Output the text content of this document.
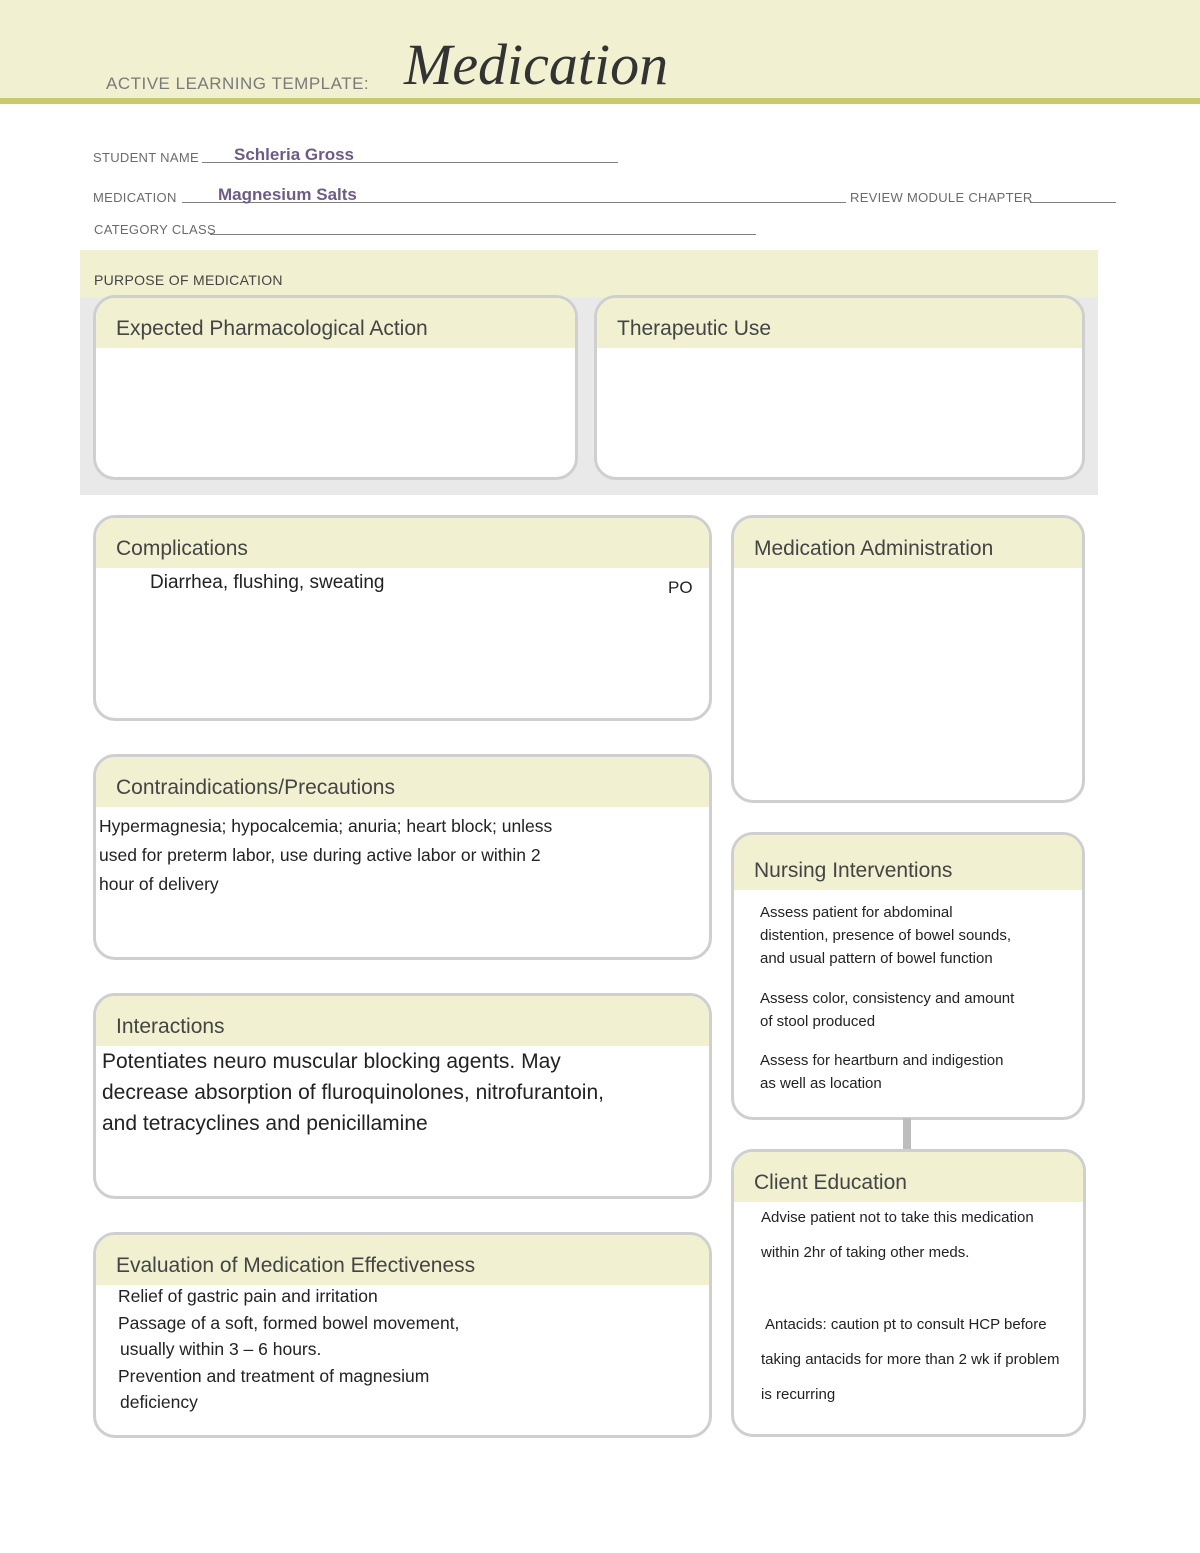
ACTIVE LEARNING TEMPLATE: Medication
STUDENT NAME Schleria Gross
MEDICATION Magnesium Salts	REVIEW MODULE CHAPTER
CATEGORY CLASS
PURPOSE OF MEDICATION
Expected Pharmacological Action	Therapeutic Use
Complications
Diarrhea, flushing, sweating	PO
Medication Administration
Contraindications/Precautions
Hypermagnesia; hypocalcemia; anuria; heart block; unless
used for preterm labor, use during active labor or within 2
hour of delivery
Nursing Interventions
Assess patient for abdominal
distention, presence of bowel sounds,
and usual pattern of bowel function
Assess color, consistency and amount
of stool produced
Assess for heartburn and indigestion
as well as location
Interactions
Potentiates neuro muscular blocking agents. May
decrease absorption of fluroquinolones, nitrofurantoin,
and tetracyclines and penicillamine
Client Education
Advise patient not to take this medication
within 2hr of taking other meds.
Antacids: caution pt to consult HCP before
taking antacids for more than 2 wk if problem
is recurring
Evaluation of Medication Effectiveness
Relief of gastric pain and irritation
Passage of a soft, formed bowel movement,
usually within 3 – 6 hours.
Prevention and treatment of magnesium
deficiency
